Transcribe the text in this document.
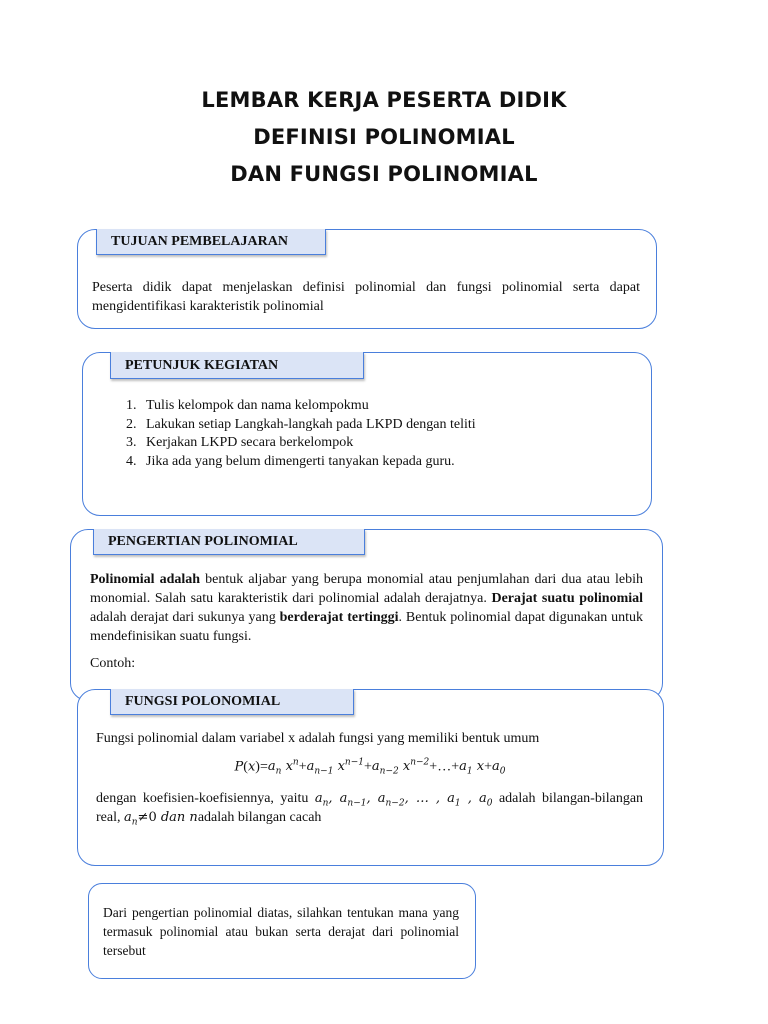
LEMBAR KERJA PESERTA DIDIK
DEFINISI POLINOMIAL
DAN FUNGSI POLINOMIAL
TUJUAN PEMBELAJARAN
Peserta didik dapat menjelaskan definisi polinomial dan fungsi polinomial serta dapat mengidentifikasi karakteristik polinomial
PETUNJUK KEGIATAN
1. Tulis kelompok dan nama kelompokmu
2. Lakukan setiap Langkah-langkah pada LKPD dengan teliti
3. Kerjakan LKPD secara berkelompok
4. Jika ada yang belum dimengerti tanyakan kepada guru.
PENGERTIAN POLINOMIAL
Polinomial adalah bentuk aljabar yang berupa monomial atau penjumlahan dari dua atau lebih monomial. Salah satu karakteristik dari polinomial adalah derajatnya. Derajat suatu polinomial adalah derajat dari sukunya yang berderajat tertinggi. Bentuk polinomial dapat digunakan untuk mendefinisikan suatu fungsi.
Contoh:
FUNGSI POLONOMIAL
Fungsi polinomial dalam variabel x adalah fungsi yang memiliki bentuk umum
$P(x)=a_n$ $x^n+a_{n-1}$ $x^{n-1}+a_{n-2}$ $x^{n-2}+\dots+a_1$ $x+a_0$
dengan koefisien-koefisiennya, yaitu $a_n$, $a_{n-1}$, $a_{n-2}$, … , $a_1$ , $a_0$ adalah bilangan-bilangan
real, $a_n\ne 0$ dan nadalah bilangan cacah
Dari pengertian polinomial diatas, silahkan tentukan mana yang termasuk polinomial atau bukan serta derajat dari polinomial tersebut
